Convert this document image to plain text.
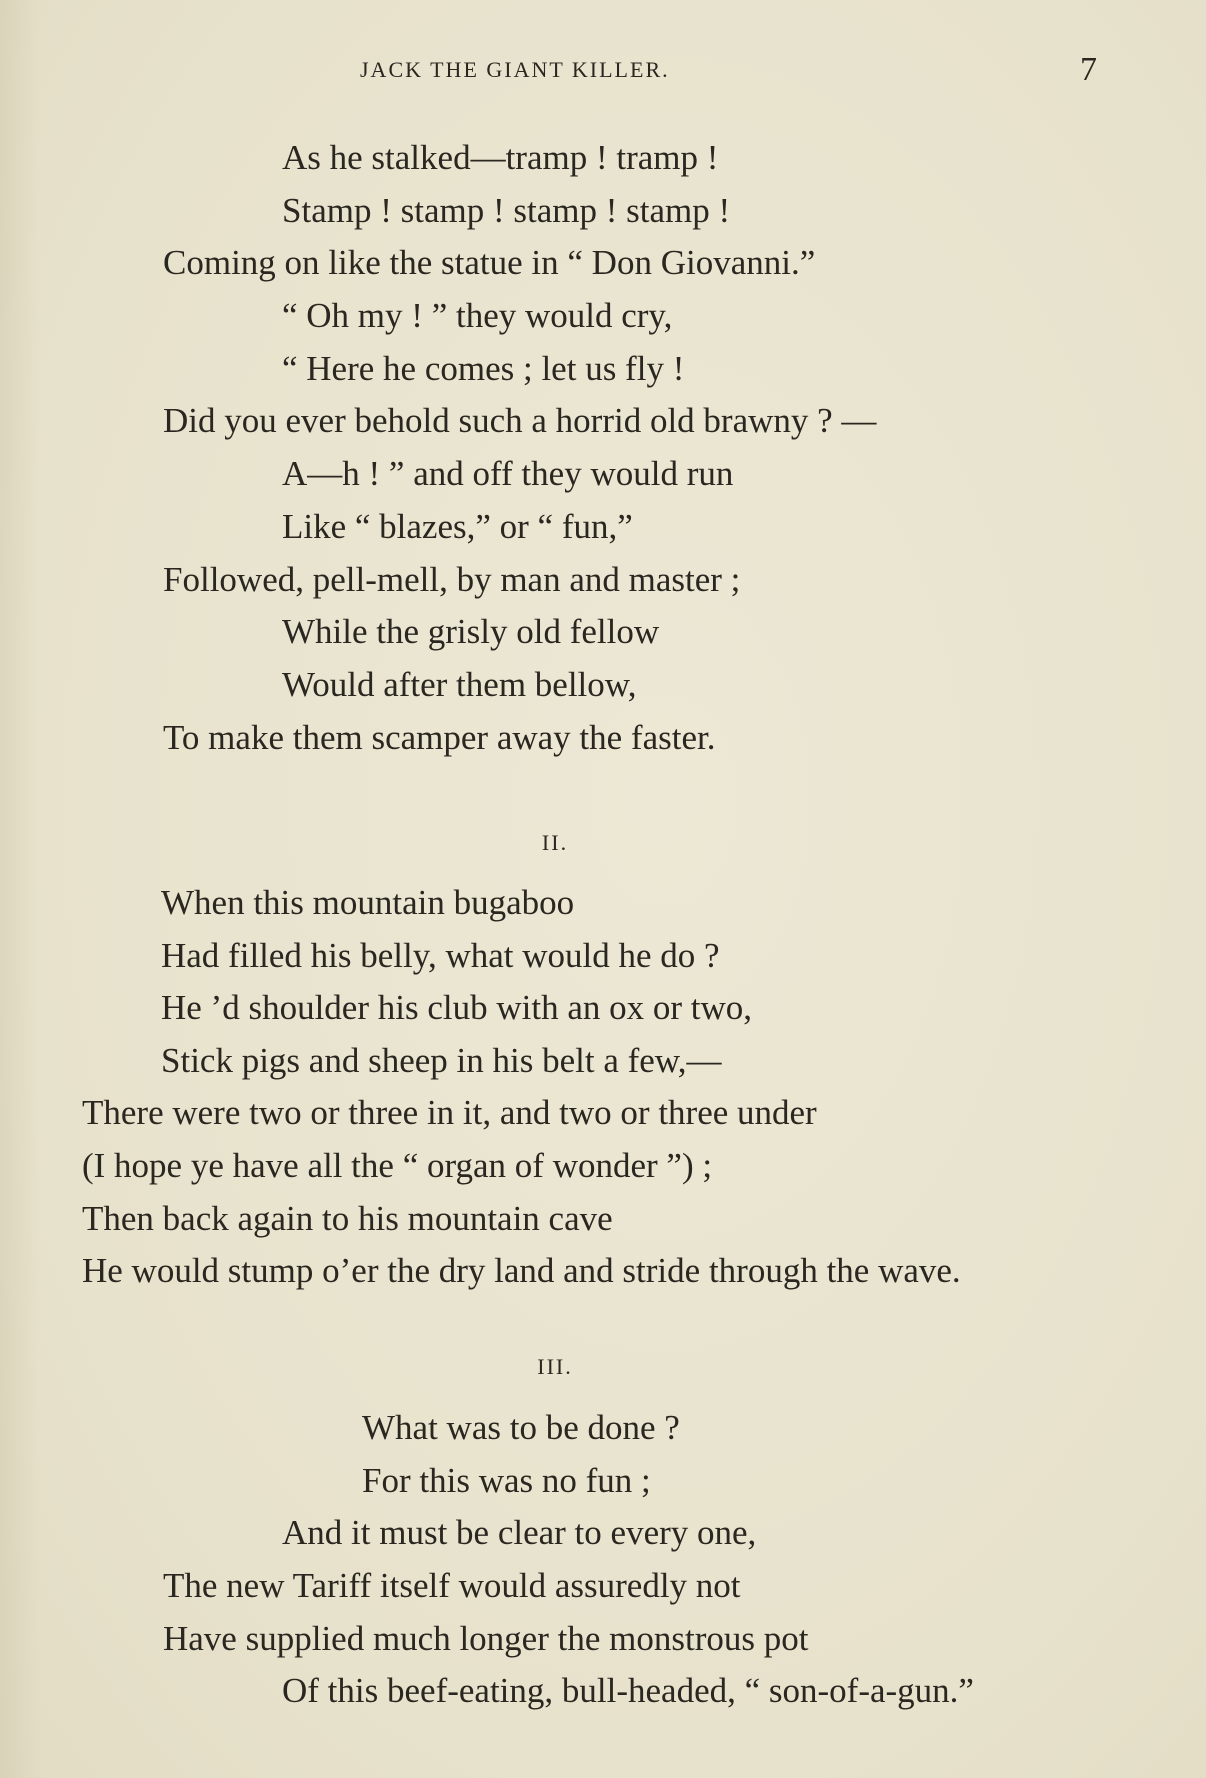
JACK THE GIANT KILLER.	7
As he stalked—tramp ! tramp !
Stamp ! stamp ! stamp ! stamp !
Coming on like the statue in “ Don Giovanni.”
“ Oh my ! ” they would cry,
“ Here he comes ; let us fly !
Did you ever behold such a horrid old brawny ? —
A—h ! ” and off they would run
Like “ blazes,” or “ fun,”
Followed, pell-mell, by man and master ;
While the grisly old fellow
Would after them bellow,
To make them scamper away the faster.
II.
When this mountain bugaboo
Had filled his belly, what would he do ?
He ’d shoulder his club with an ox or two,
Stick pigs and sheep in his belt a few,—
There were two or three in it, and two or three under
(I hope ye have all the “ organ of wonder ”) ;
Then back again to his mountain cave
He would stump o’er the dry land and stride through the wave.
III.
What was to be done ?
For this was no fun ;
And it must be clear to every one,
The new Tariff itself would assuredly not
Have supplied much longer the monstrous pot
Of this beef-eating, bull-headed, “ son-of-a-gun.”
